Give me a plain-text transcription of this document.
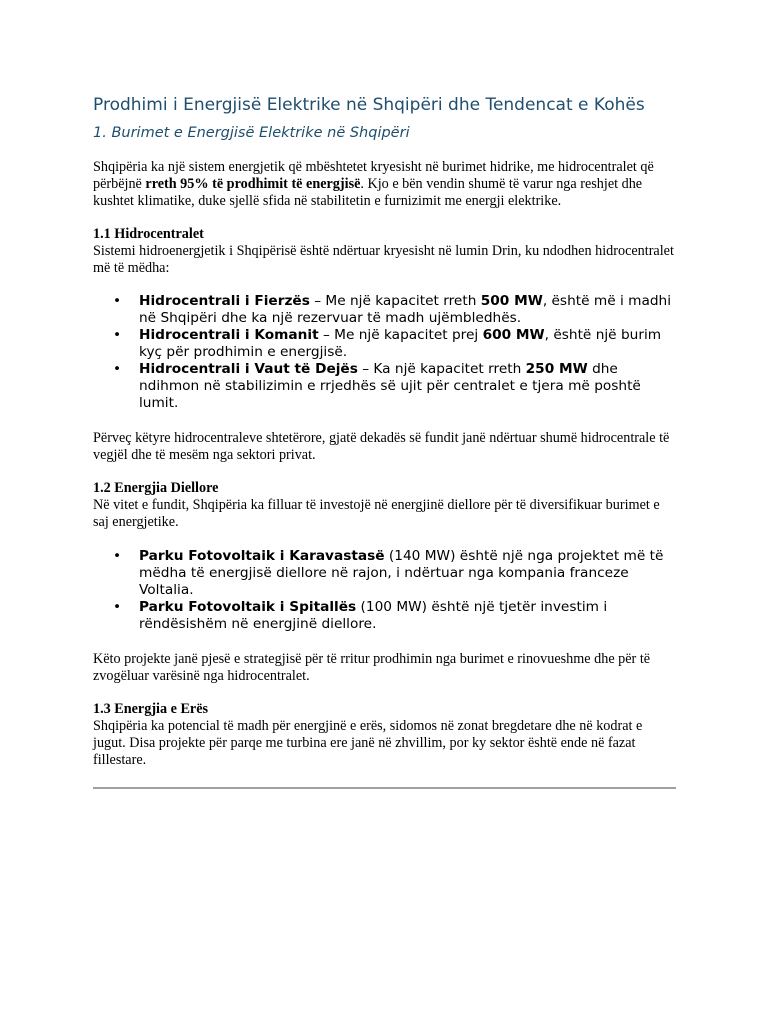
Prodhimi i Energjisë Elektrike në Shqipëri dhe Tendencat e Kohës
1. Burimet e Energjisë Elektrike në Shqipëri

Shqipëria ka një sistem energjetik që mbështetet kryesisht në burimet hidrike, me hidrocentralet që përbëjnë rreth 95% të prodhimit të energjisë. Kjo e bën vendin shumë të varur nga reshjet dhe kushtet klimatike, duke sjellë sfida në stabilitetin e furnizimit me energji elektrike.

1.1 Hidrocentralet

Sistemi hidroenergjetik i Shqipërisë është ndërtuar kryesisht në lumin Drin, ku ndodhen hidrocentralet më të mëdha:

• Hidrocentrali i Fierzës – Me një kapacitet rreth 500 MW, është më i madhi në Shqipëri dhe ka një rezervuar të madh ujëmbledhës.
• Hidrocentrali i Komanit – Me një kapacitet prej 600 MW, është një burim kyç për prodhimin e energjisë.
• Hidrocentrali i Vaut të Dejës – Ka një kapacitet rreth 250 MW dhe ndihmon në stabilizimin e rrjedhës së ujit për centralet e tjera më poshtë lumit.

Përveç këtyre hidrocentraleve shtetërore, gjatë dekadës së fundit janë ndërtuar shumë hidrocentrale të vegjël dhe të mesëm nga sektori privat.

1.2 Energjia Diellore

Në vitet e fundit, Shqipëria ka filluar të investojë në energjinë diellore për të diversifikuar burimet e saj energjetike.

• Parku Fotovoltaik i Karavastasë (140 MW) është një nga projektet më të mëdha të energjisë diellore në rajon, i ndërtuar nga kompania franceze Voltalia.
• Parku Fotovoltaik i Spitallës (100 MW) është një tjetër investim i rëndësishëm në energjinë diellore.

Këto projekte janë pjesë e strategjisë për të rritur prodhimin nga burimet e rinovueshme dhe për të zvogëluar varësinë nga hidrocentralet.

1.3 Energjia e Erës

Shqipëria ka potencial të madh për energjinë e erës, sidomos në zonat bregdetare dhe në kodrat e jugut. Disa projekte për parqe me turbina ere janë në zhvillim, por ky sektor është ende në fazat fillestare.
